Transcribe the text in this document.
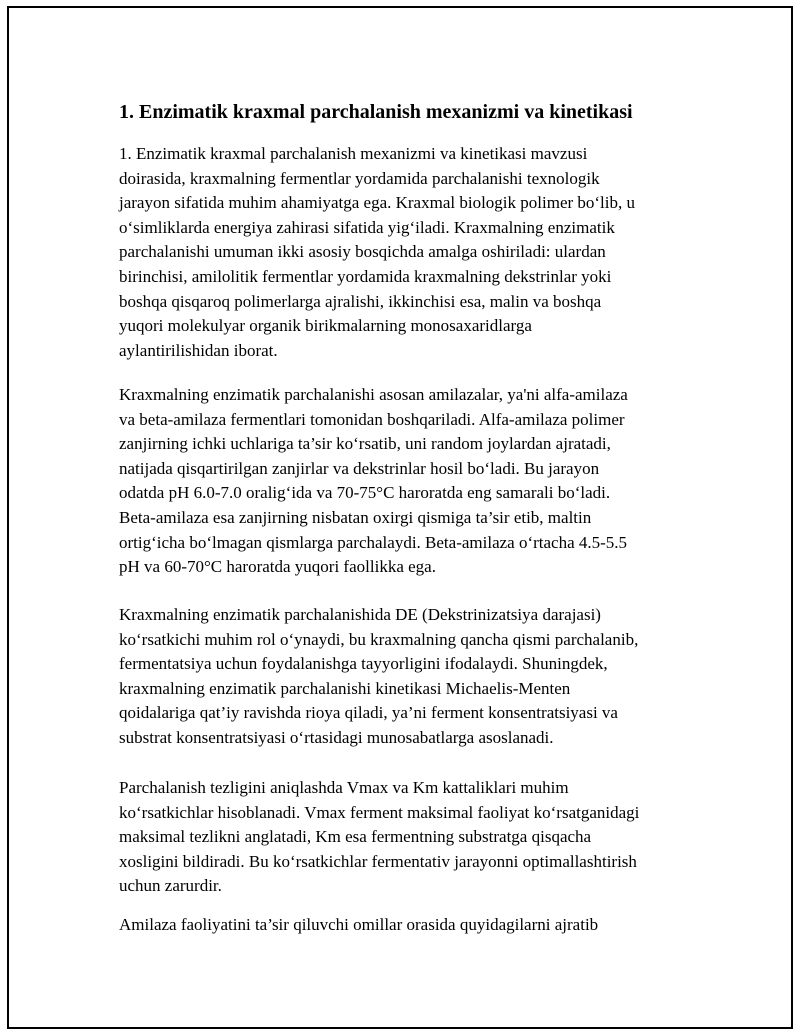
1. Enzimatik kraxmal parchalanish mexanizmi va kinetikasi

1. Enzimatik kraxmal parchalanish mexanizmi va kinetikasi mavzusi
doirasida, kraxmalning fermentlar yordamida parchalanishi texnologik
jarayon sifatida muhim ahamiyatga ega. Kraxmal biologik polimer bo‘lib, u
o‘simliklarda energiya zahirasi sifatida yig‘iladi. Kraxmalning enzimatik
parchalanishi umuman ikki asosiy bosqichda amalga oshiriladi: ulardan
birinchisi, amilolitik fermentlar yordamida kraxmalning dekstrinlar yoki
boshqa qisqaroq polimerlarga ajralishi, ikkinchisi esa, malin va boshqa
yuqori molekulyar organik birikmalarning monosaxaridlarga
aylantirilishidan iborat.

Kraxmalning enzimatik parchalanishi asosan amilazalar, ya'ni alfa-amilaza
va beta-amilaza fermentlari tomonidan boshqariladi. Alfa-amilaza polimer
zanjirning ichki uchlariga ta’sir ko‘rsatib, uni random joylardan ajratadi,
natijada qisqartirilgan zanjirlar va dekstrinlar hosil bo‘ladi. Bu jarayon
odatda pH 6.0-7.0 oralig‘ida va 70-75°C haroratda eng samarali bo‘ladi.
Beta-amilaza esa zanjirning nisbatan oxirgi qismiga ta’sir etib, maltin
ortig‘icha bo‘lmagan qismlarga parchalaydi. Beta-amilaza o‘rtacha 4.5-5.5
pH va 60-70°C haroratda yuqori faollikka ega.

Kraxmalning enzimatik parchalanishida DE (Dekstrinizatsiya darajasi)
ko‘rsatkichi muhim rol o‘ynaydi, bu kraxmalning qancha qismi parchalanib,
fermentatsiya uchun foydalanishga tayyorligini ifodalaydi. Shuningdek,
kraxmalning enzimatik parchalanishi kinetikasi Michaelis-Menten
qoidalariga qat’iy ravishda rioya qiladi, ya’ni ferment konsentratsiyasi va
substrat konsentratsiyasi o‘rtasidagi munosabatlarga asoslanadi.

Parchalanish tezligini aniqlashda Vmax va Km kattaliklari muhim
ko‘rsatkichlar hisoblanadi. Vmax ferment maksimal faoliyat ko‘rsatganidagi
maksimal tezlikni anglatadi, Km esa fermentning substratga qisqacha
xosligini bildiradi. Bu ko‘rsatkichlar fermentativ jarayonni optimallashtirish
uchun zarurdir.

Amilaza faoliyatini ta’sir qiluvchi omillar orasida quyidagilarni ajratib
